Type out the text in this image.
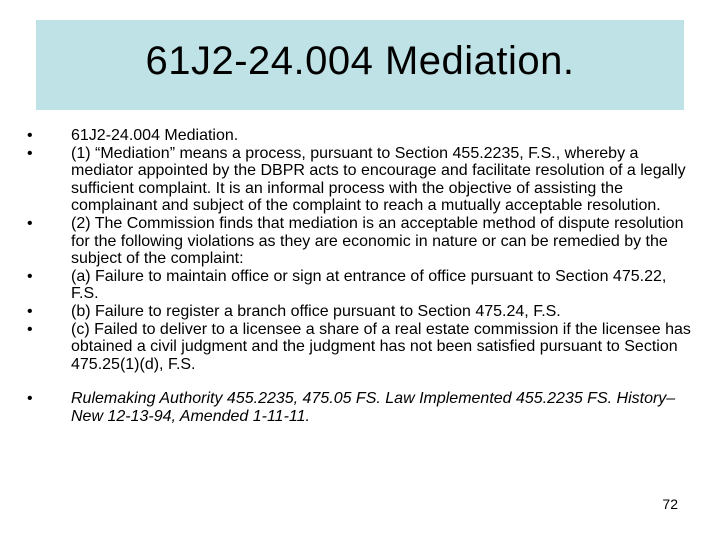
61J2-24.004 Mediation.
• 61J2-24.004 Mediation.
• (1) “Mediation” means a process, pursuant to Section 455.2235, F.S., whereby a mediator appointed by the DBPR acts to encourage and facilitate resolution of a legally sufficient complaint. It is an informal process with the objective of assisting the complainant and subject of the complaint to reach a mutually acceptable resolution.
• (2) The Commission finds that mediation is an acceptable method of dispute resolution for the following violations as they are economic in nature or can be remedied by the subject of the complaint:
• (a) Failure to maintain office or sign at entrance of office pursuant to Section 475.22, F.S.
• (b) Failure to register a branch office pursuant to Section 475.24, F.S.
• (c) Failed to deliver to a licensee a share of a real estate commission if the licensee has obtained a civil judgment and the judgment has not been satisfied pursuant to Section 475.25(1)(d), F.S.
• Rulemaking Authority 455.2235, 475.05 FS. Law Implemented 455.2235 FS. History–New 12-13-94, Amended 1-11-11.
72
